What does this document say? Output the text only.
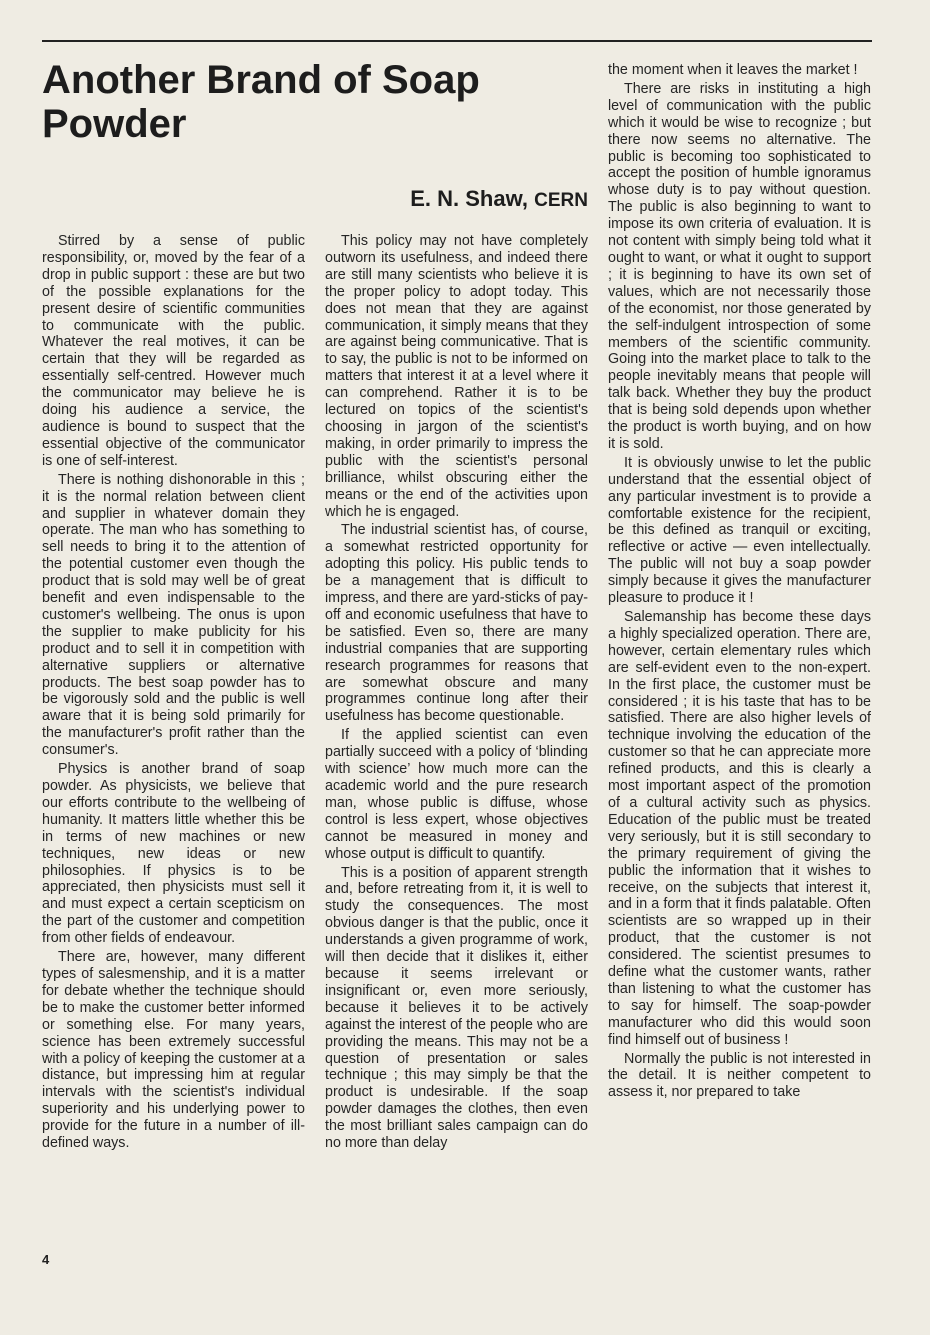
Another Brand of Soap Powder
E. N. Shaw, CERN

Stirred by a sense of public responsibility, or, moved by the fear of a drop in public support : these are but two of the possible explanations for the present desire of scientific communities to communicate with the public. Whatever the real motives, it can be certain that they will be regarded as essentially self-centred. However much the communicator may believe he is doing his audience a service, the audience is bound to suspect that the essential objective of the communicator is one of self-interest.

There is nothing dishonorable in this ; it is the normal relation between client and supplier in whatever domain they operate. The man who has something to sell needs to bring it to the attention of the potential customer even though the product that is sold may well be of great benefit and even indispensable to the customer's wellbeing. The onus is upon the supplier to make publicity for his product and to sell it in competition with alternative suppliers or alternative products. The best soap powder has to be vigorously sold and the public is well aware that it is being sold primarily for the manufacturer's profit rather than the consumer's.

Physics is another brand of soap powder. As physicists, we believe that our efforts contribute to the wellbeing of humanity. It matters little whether this be in terms of new machines or new techniques, new ideas or new philosophies. If physics is to be appreciated, then physicists must sell it and must expect a certain scepticism on the part of the customer and competition from other fields of endeavour.

There are, however, many different types of salesmenship, and it is a matter for debate whether the technique should be to make the customer better informed or something else. For many years, science has been extremely successful with a policy of keeping the customer at a distance, but impressing him at regular intervals with the scientist's individual superiority and his underlying power to provide for the future in a number of ill-defined ways.

This policy may not have completely outworn its usefulness, and indeed there are still many scientists who believe it is the proper policy to adopt today. This does not mean that they are against communication, it simply means that they are against being communicative. That is to say, the public is not to be informed on matters that interest it at a level where it can comprehend. Rather it is to be lectured on topics of the scientist's choosing in jargon of the scientist's making, in order primarily to impress the public with the scientist's personal brilliance, whilst obscuring either the means or the end of the activities upon which he is engaged.

The industrial scientist has, of course, a somewhat restricted opportunity for adopting this policy. His public tends to be a management that is difficult to impress, and there are yard-sticks of pay-off and economic usefulness that have to be satisfied. Even so, there are many industrial companies that are supporting research programmes for reasons that are somewhat obscure and many programmes continue long after their usefulness has become questionable.

If the applied scientist can even partially succeed with a policy of ‘blinding with science’ how much more can the academic world and the pure research man, whose public is diffuse, whose control is less expert, whose objectives cannot be measured in money and whose output is difficult to quantify.

This is a position of apparent strength and, before retreating from it, it is well to study the consequences. The most obvious danger is that the public, once it understands a given programme of work, will then decide that it dislikes it, either because it seems irrelevant or insignificant or, even more seriously, because it believes it to be actively against the interest of the people who are providing the means. This may not be a question of presentation or sales technique ; this may simply be that the product is undesirable. If the soap powder damages the clothes, then even the most brilliant sales campaign can do no more than delay

the moment when it leaves the market !

There are risks in instituting a high level of communication with the public which it would be wise to recognize ; but there now seems no alternative. The public is becoming too sophisticated to accept the position of humble ignoramus whose duty is to pay without question. The public is also beginning to want to impose its own criteria of evaluation. It is not content with simply being told what it ought to want, or what it ought to support ; it is beginning to have its own set of values, which are not necessarily those of the economist, nor those generated by the self-indulgent introspection of some members of the scientific community. Going into the market place to talk to the people inevitably means that people will talk back. Whether they buy the product that is being sold depends upon whether the product is worth buying, and on how it is sold.

It is obviously unwise to let the public understand that the essential object of any particular investment is to provide a comfortable existence for the recipient, be this defined as tranquil or exciting, reflective or active — even intellectually. The public will not buy a soap powder simply because it gives the manufacturer pleasure to produce it !

Salemanship has become these days a highly specialized operation. There are, however, certain elementary rules which are self-evident even to the non-expert. In the first place, the customer must be considered ; it is his taste that has to be satisfied. There are also higher levels of technique involving the education of the customer so that he can appreciate more refined products, and this is clearly a most important aspect of the promotion of a cultural activity such as physics. Education of the public must be treated very seriously, but it is still secondary to the primary requirement of giving the public the information that it wishes to receive, on the subjects that interest it, and in a form that it finds palatable. Often scientists are so wrapped up in their product, that the customer is not considered. The scientist presumes to define what the customer wants, rather than listening to what the customer has to say for himself. The soap-powder manufacturer who did this would soon find himself out of business !

Normally the public is not interested in the detail. It is neither competent to assess it, nor prepared to take

4
